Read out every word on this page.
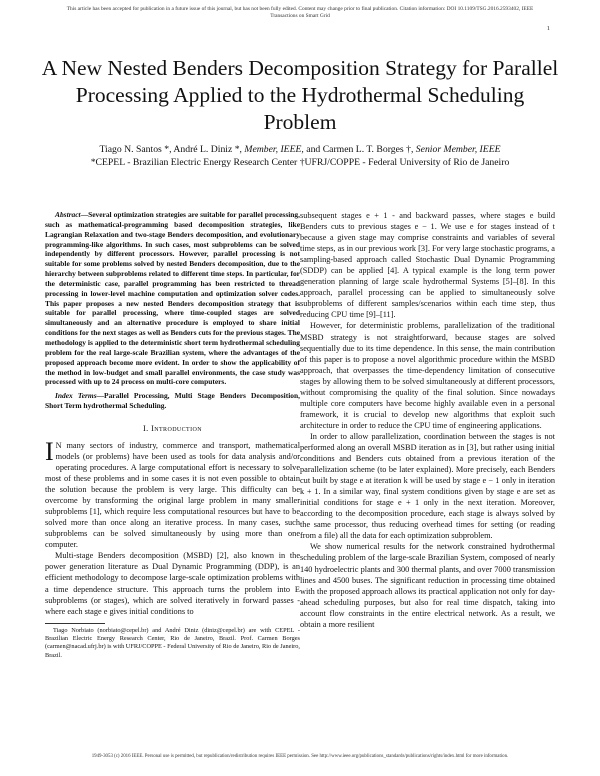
This article has been accepted for publication in a future issue of this journal, but has not been fully edited. Content may change prior to final publication. Citation information: DOI 10.1109/TSG.2016.2593402, IEEE
Transactions on Smart Grid
1
A New Nested Benders Decomposition Strategy for Parallel Processing Applied to the Hydrothermal Scheduling Problem
Tiago N. Santos *, André L. Diniz *, Member, IEEE, and Carmen L. T. Borges †, Senior Member, IEEE
*CEPEL - Brazilian Electric Energy Research Center †UFRJ/COPPE - Federal University of Rio de Janeiro
Abstract—Several optimization strategies are suitable for parallel processing, such as mathematical-programming based decomposition strategies, like Lagrangian Relaxation and two-stage Benders decomposition, and evolutionary programming-like algorithms. In such cases, most subproblems can be solved independently by different processors. However, parallel processing is not suitable for some problems solved by nested Benders decomposition, due to the hierarchy between subproblems related to different time steps. In particular, for the deterministic case, parallel programming has been restricted to thread processing in lower-level machine computation and optimization solver codes. This paper proposes a new nested Benders decomposition strategy that is suitable for parallel processing, where time-coupled stages are solved simultaneously and an alternative procedure is employed to share initial conditions for the next stages as well as Benders cuts for the previous stages. The methodology is applied to the deterministic short term hydrothermal scheduling problem for the real large-scale Brazilian system, where the advantages of the proposed approach become more evident. In order to show the applicability of the method in low-budget and small parallel environments, the case study was processed with up to 24 process on multi-core computers.
Index Terms—Parallel Processing, Multi Stage Benders Decomposition, Short Term hydrothermal Scheduling.
I. Introduction

I N many sectors of industry, commerce and transport, mathematical models (or problems) have been used as tools for data analysis and/or operating procedures. A large computational effort is necessary to solve most of these problems and in some cases it is not even possible to obtain the solution because the problem is very large. This difficulty can be overcome by transforming the original large problem in many smaller subproblems [1], which require less computational resources but have to be solved more than once along an iterative process. In many cases, such subproblems can be solved simultaneously by using more than one computer.

Multi-stage Benders decomposition (MSBD) [2], also known in the power generation literature as Dual Dynamic Programming (DDP), is an efficient methodology to decompose large-scale optimization problems with a time dependence structure. This approach turns the problem into E subproblems (or stages), which are solved iteratively in forward passes - where each stage e gives initial conditions to

Tiago Norbiato (norbiato@cepel.br) and André Diniz (diniz@cepel.br) are with CEPEL - Brazilian Electric Energy Research Center, Rio de Janeiro, Brazil. Prof. Carmen Borges (carmen@nacad.ufrj.br) is with UFRJ/COPPE - Federal University of Rio de Janeiro, Rio de Janeiro, Brazil.

subsequent stages e + 1 - and backward passes, where stages e build Benders cuts to previous stages e − 1. We use e for stages instead of t because a given stage may comprise constraints and variables of several time steps, as in our previous work [3]. For very large stochastic programs, a sampling-based approach called Stochastic Dual Dynamic Programming (SDDP) can be applied [4]. A typical example is the long term power generation planning of large scale hydrothermal Systems [5]–[8]. In this approach, parallel processing can be applied to simultaneously solve subproblems of different samples/scenarios within each time step, thus reducing CPU time [9]–[11].

However, for deterministic problems, parallelization of the traditional MSBD strategy is not straightforward, because stages are solved sequentially due to its time dependence. In this sense, the main contribution of this paper is to propose a novel algorithmic procedure within the MSBD approach, that overpasses the time-dependency limitation of consecutive stages by allowing them to be solved simultaneously at different processors, without compromising the quality of the final solution. Since nowadays multiple core computers have become highly available even in a personal framework, it is crucial to develop new algorithms that exploit such architecture in order to reduce the CPU time of engineering applications.

In order to allow parallelization, coordination between the stages is not performed along an overall MSBD iteration as in [3], but rather using initial conditions and Benders cuts obtained from a previous iteration of the parallelization scheme (to be later explained). More precisely, each Benders cut built by stage e at iteration k will be used by stage e − 1 only in iteration k + 1. In a similar way, final system conditions given by stage e are set as initial conditions for stage e + 1 only in the next iteration. Moreover, according to the decomposition procedure, each stage is always solved by the same processor, thus reducing overhead times for setting (or reading from a file) all the data for each optimization subproblem.

We show numerical results for the network constrained hydrothermal scheduling problem of the large-scale Brazilian System, composed of nearly 140 hydroelectric plants and 300 thermal plants, and over 7000 transmission lines and 4500 buses. The significant reduction in processing time obtained with the proposed approach allows its practical application not only for day-ahead scheduling purposes, but also for real time dispatch, taking into account flow constraints in the entire electrical network. As a result, we obtain a more resilient

1949-3053 (c) 2016 IEEE. Personal use is permitted, but republication/redistribution requires IEEE permission. See http://www.ieee.org/publications_standards/publications/rights/index.html for more information.
